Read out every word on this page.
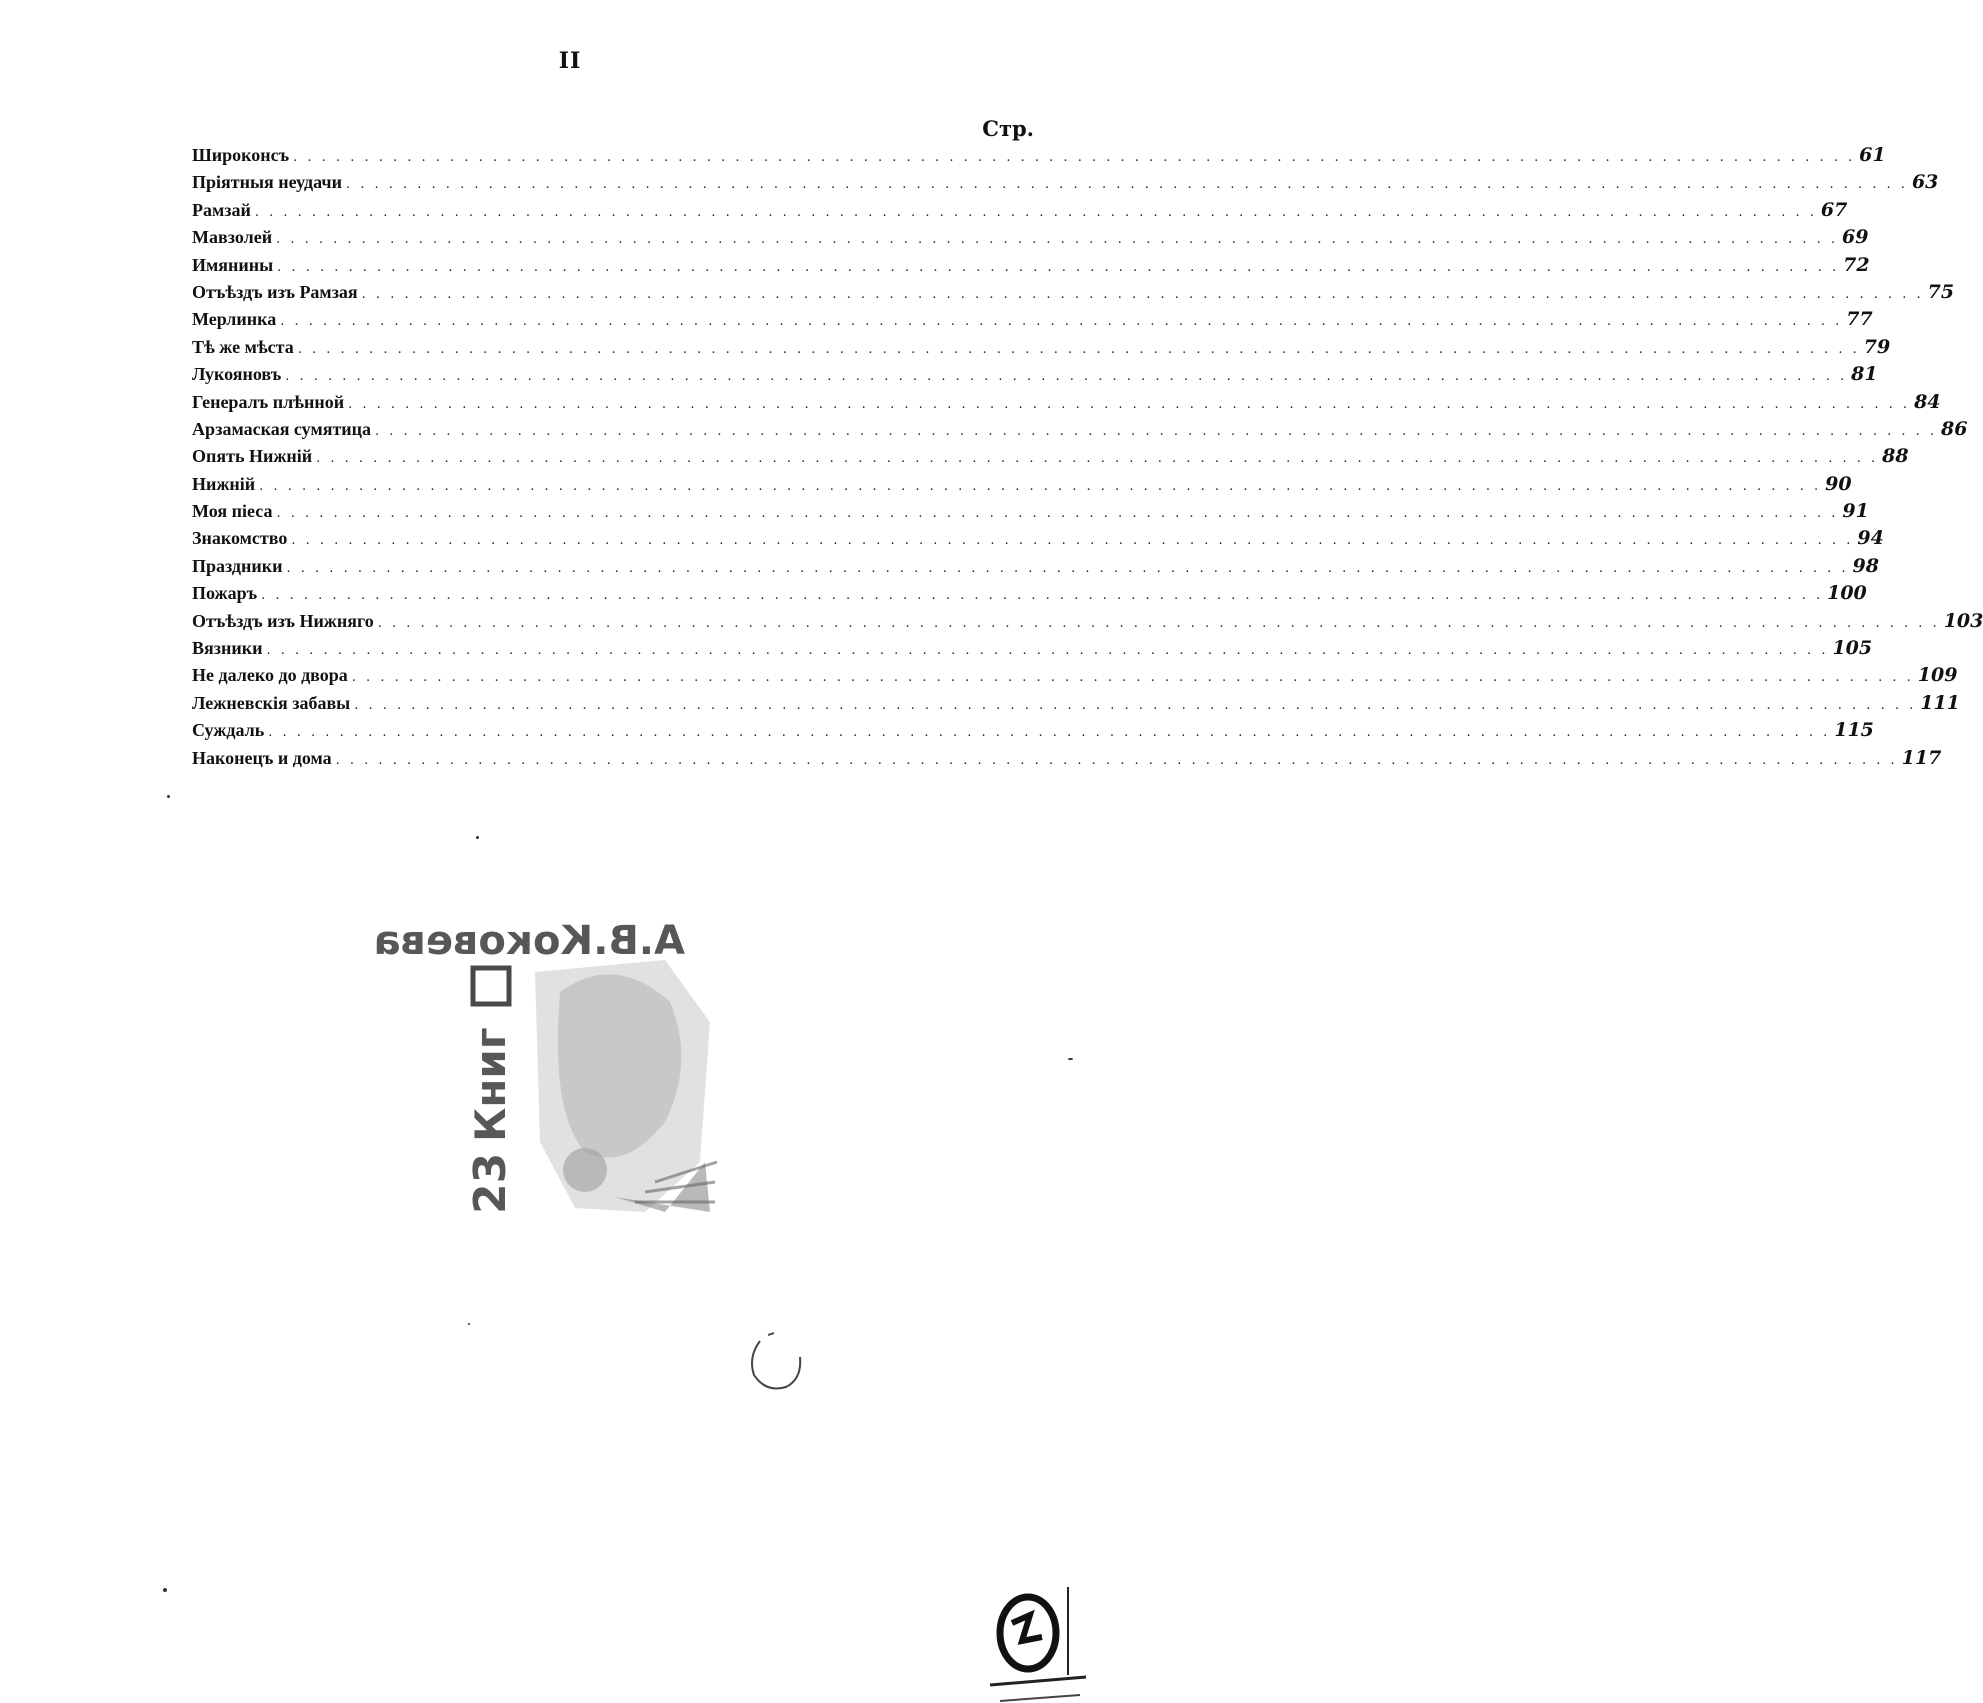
II
Стр.
Широконсъ . . .	61
Пріятныя неудачи . . .	63
Рамзай . . .	67
Мавзолей . . .	69
Имянины . . .	72
Отъѣздъ изъ Рамзая . . .	75
Мерлинка . . .	77
Тѣ же мѣста . . .	79
Лукояновъ . . .	81
Генералъ плѣнной . . .	84
Арзамаская сумятица . . .	86
Опять Нижній . . .	88
Нижній . . .	90
Моя піеса . . .	91
Знакомство . . .	94
Праздники . . .	98
Пожаръ . . .	100
Отъѣздъ изъ Нижняго . . .	103
Вязники . . .	105
Не далеко до двора . . .	109
Лежневскія забавы . . .	111
Суждаль . . .	115
Наконецъ и дома . . .	117
А.В.Коковева
Книг
23
